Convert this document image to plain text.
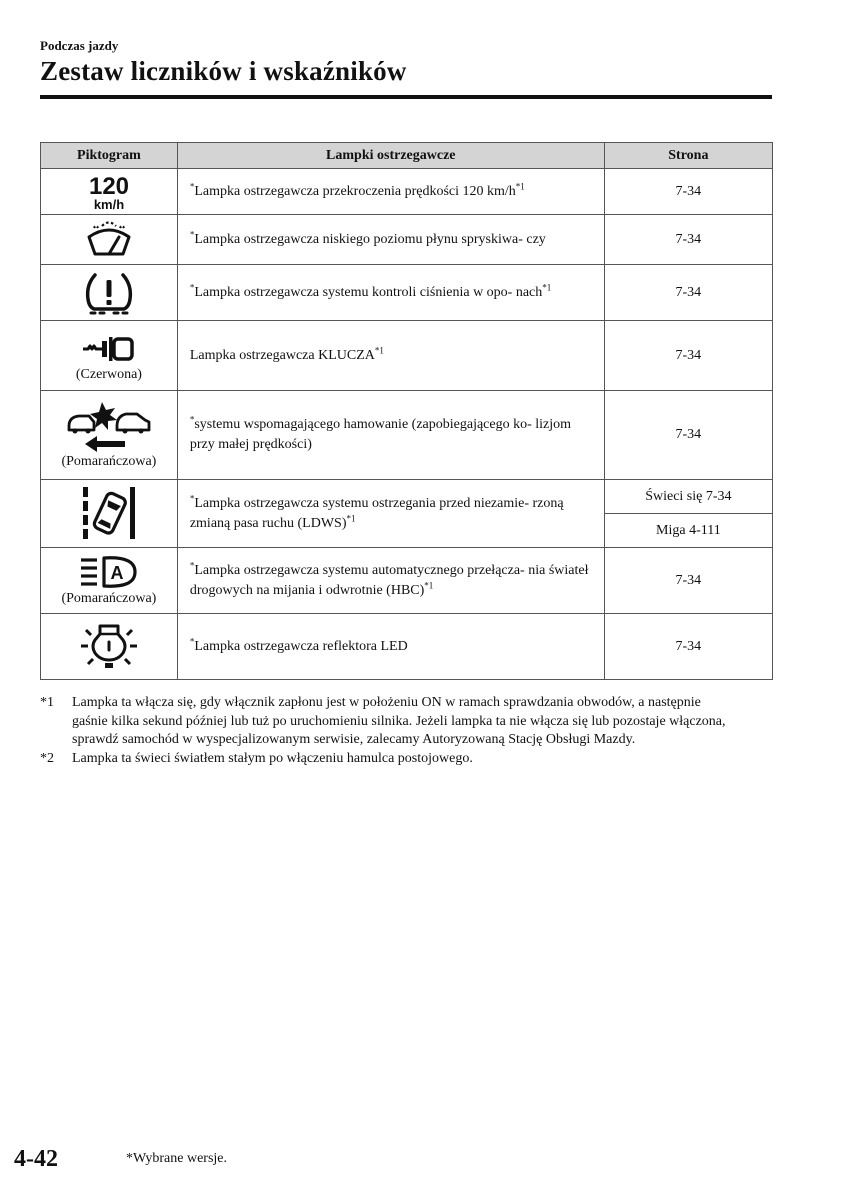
Podczas jazdy
Zestaw liczników i wskaźników
Piktogram	Lampki ostrzegawcze	Strona

120
km/h	*Lampka ostrzegawcza przekroczenia prędkości 120 $km/h^{*1}$	7-34

	*Lampka ostrzegawcza niskiego poziomu płynu spryskiwa- czy	7-34

	*Lampka ostrzegawcza systemu kontroli ciśnienia w opo- nach$^{*1}$	7-34

(Czerwona)	Lampka ostrzegawcza KLUCZA$^{*1}$	7-34

(Pomarańczowa)	*systemu wspomagającego hamowanie (zapobiegającego ko- lizjom przy małej prędkości)	7-34

	*Lampka ostrzegawcza systemu ostrzegania przed niezamie- rzoną zmianą pasa ruchu (LDWS)$^{*1}$	Świeci się 7-34
		Miga 4-111

A
(Pomarańczowa)	*Lampka ostrzegawcza systemu automatycznego przełącza- nia świateł drogowych na mijania i odwrotnie (HBC)$^{*1}$	7-34

	*Lampka ostrzegawcza reflektora LED	7-34
*1	Lampka ta włącza się, gdy włącznik zapłonu jest w położeniu ON w ramach sprawdzania obwodów, a następnie gaśnie kilka sekund później lub tuż po uruchomieniu silnika. Jeżeli lampka ta nie włącza się lub pozostaje włączona, sprawdź samochód w wyspecjalizowanym serwisie, zalecamy Autoryzowaną Stację Obsługi Mazdy.
*2	Lampka ta świeci światłem stałym po włączeniu hamulca postojowego.
4-42	*Wybrane wersje.
